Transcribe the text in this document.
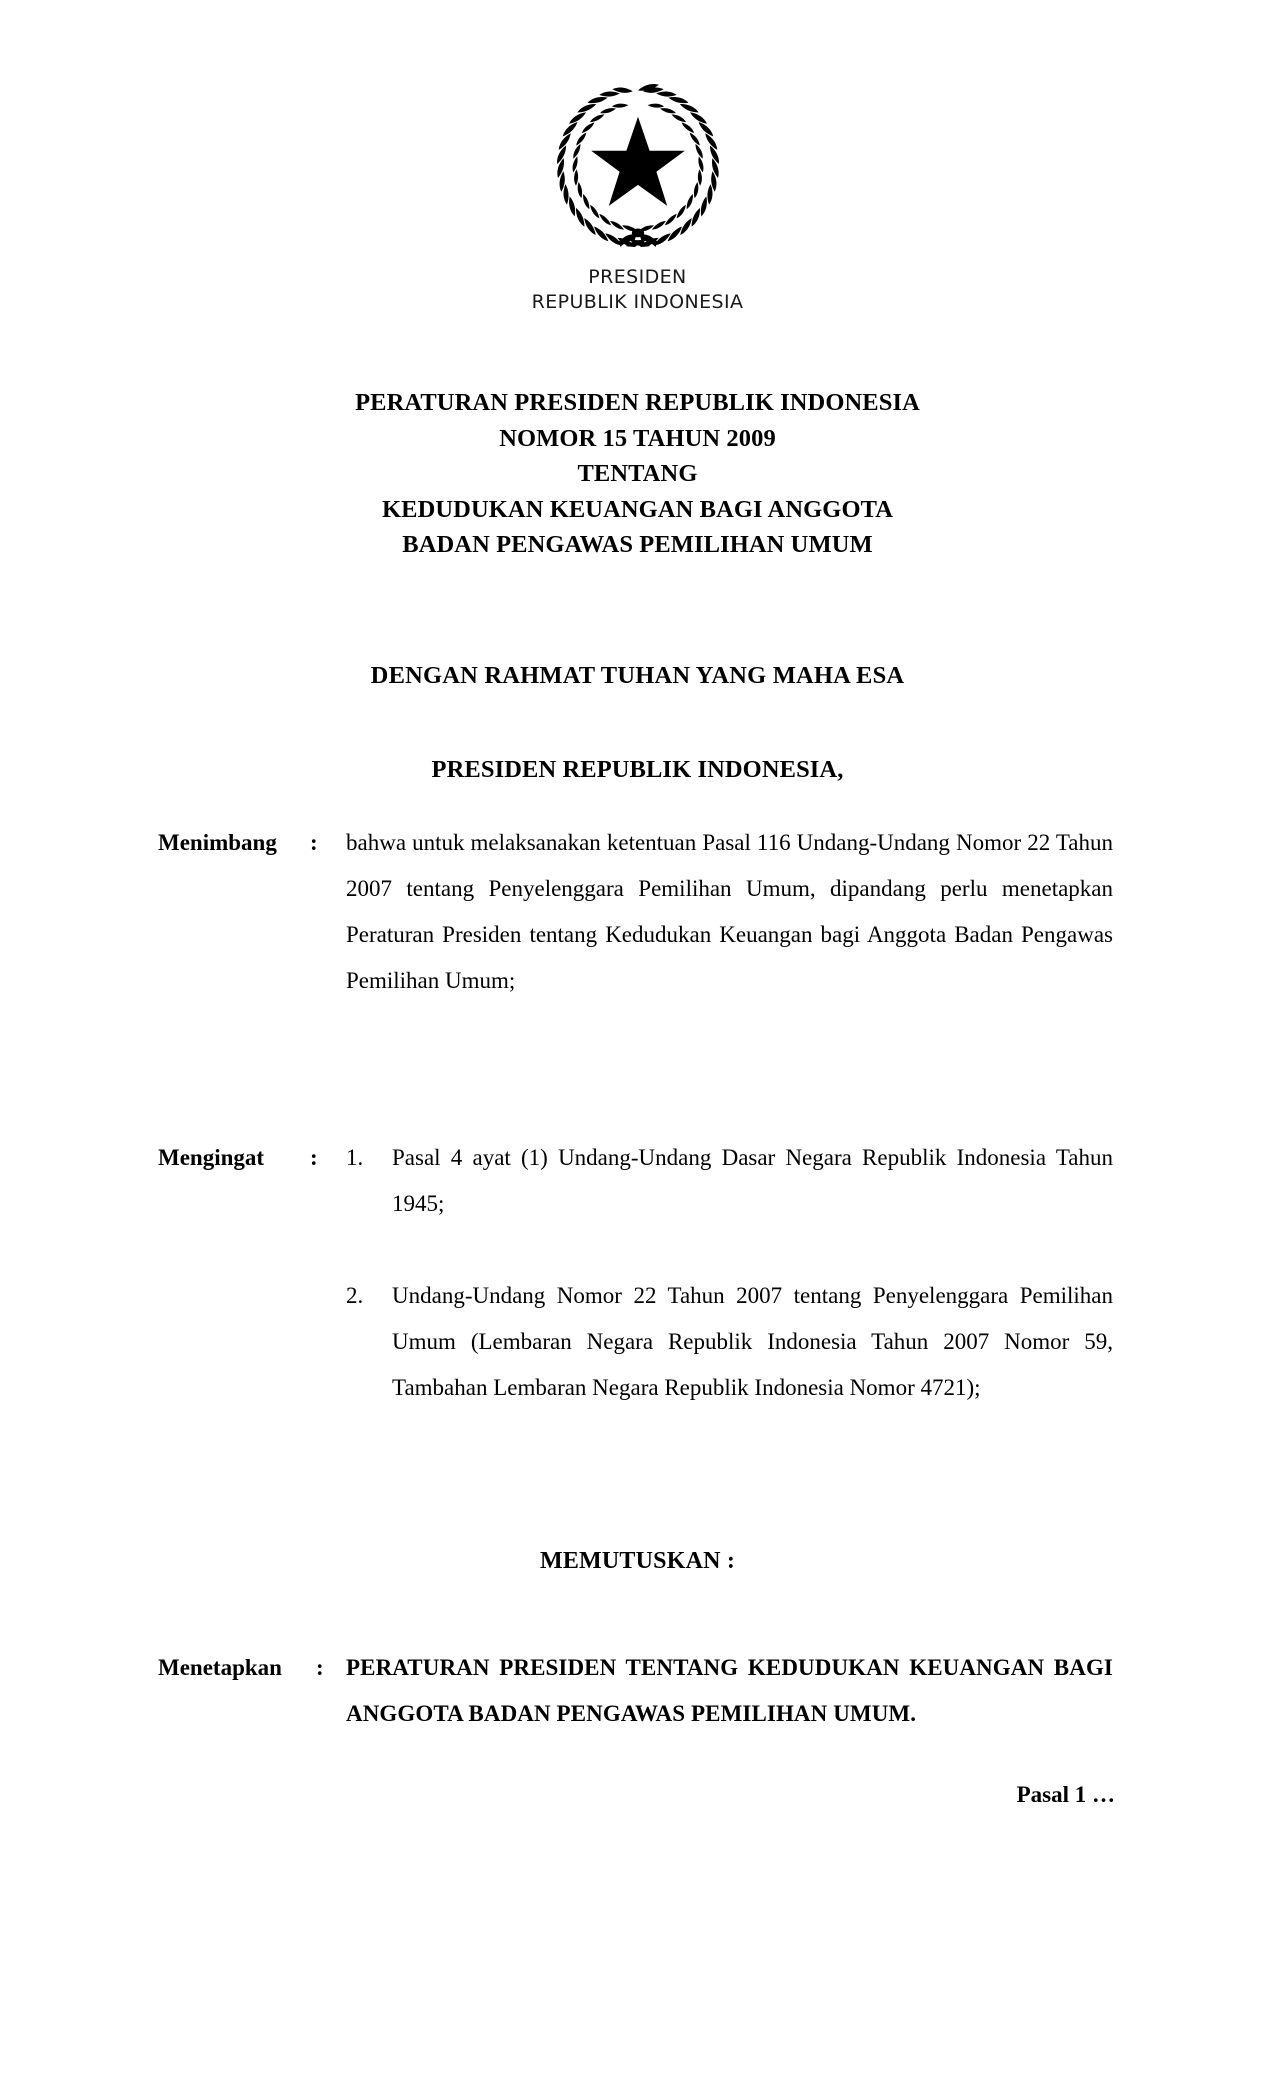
PRESIDEN
REPUBLIK INDONESIA
PERATURAN PRESIDEN REPUBLIK INDONESIA
NOMOR 15 TAHUN 2009
TENTANG
KEDUDUKAN KEUANGAN BAGI ANGGOTA
BADAN PENGAWAS PEMILIHAN UMUM
DENGAN RAHMAT TUHAN YANG MAHA ESA
PRESIDEN REPUBLIK INDONESIA,
Menimbang	:	bahwa untuk melaksanakan ketentuan Pasal 116 Undang-Undang Nomor 22 Tahun 2007 tentang Penyelenggara Pemilihan Umum, dipandang perlu menetapkan Peraturan Presiden tentang Kedudukan Keuangan bagi Anggota Badan Pengawas Pemilihan Umum;
Mengingat	:	1.	Pasal 4 ayat (1) Undang-Undang Dasar Negara Republik Indonesia Tahun 1945;
2.	Undang-Undang Nomor 22 Tahun 2007 tentang Penyelenggara Pemilihan Umum (Lembaran Negara Republik Indonesia Tahun 2007 Nomor 59, Tambahan Lembaran Negara Republik Indonesia Nomor 4721);
MEMUTUSKAN :
Menetapkan	: PERATURAN PRESIDEN TENTANG KEDUDUKAN KEUANGAN BAGI ANGGOTA BADAN PENGAWAS PEMILIHAN UMUM.
Pasal 1 …
